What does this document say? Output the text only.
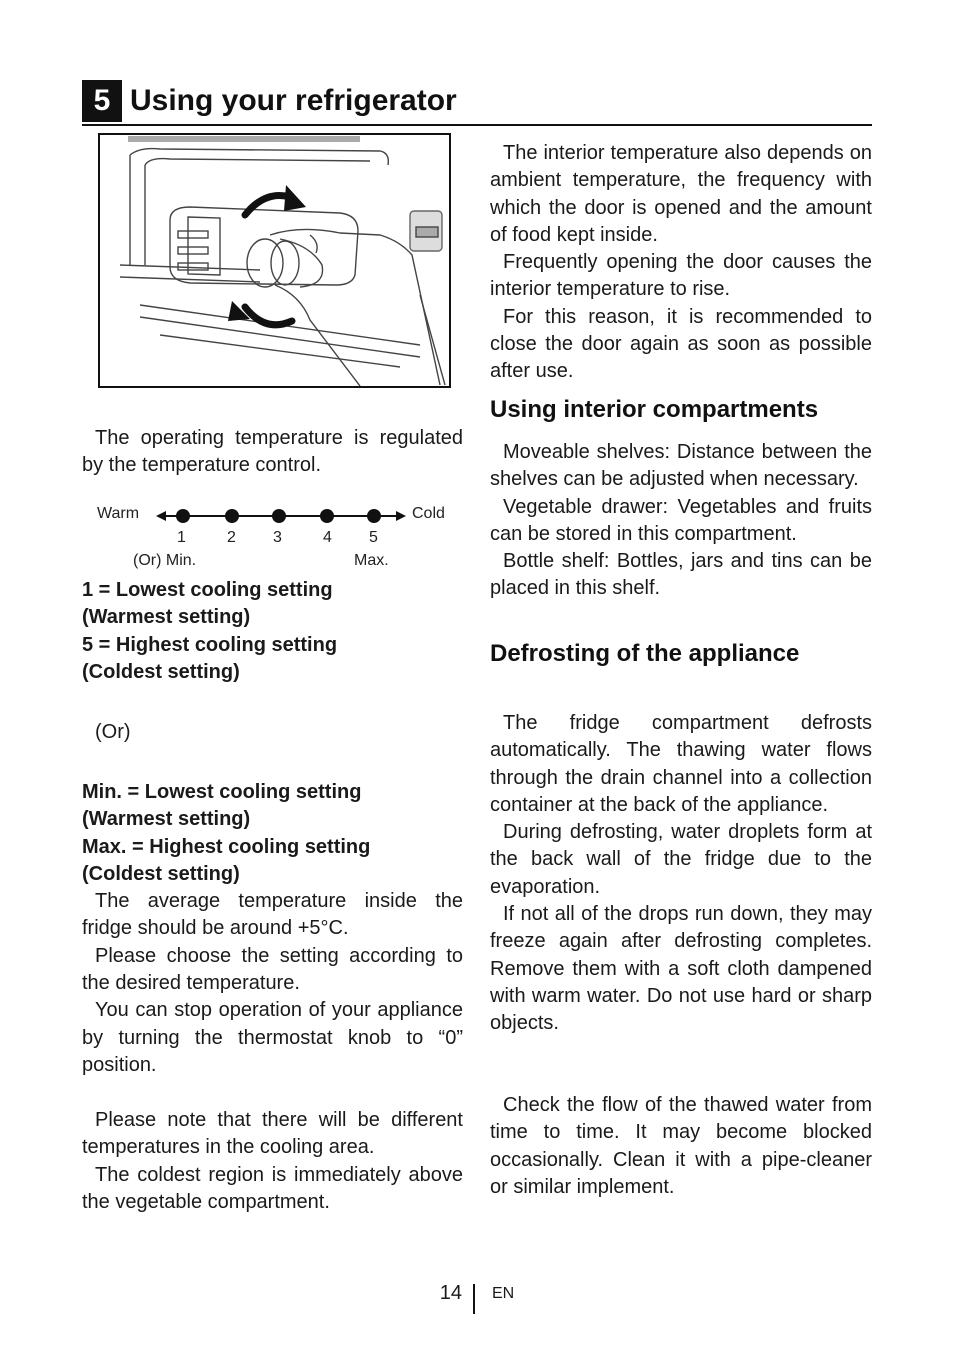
5 Using your refrigerator

The operating temperature is regulated by the temperature control.

Warm	Cold
1	2 3	4 5
(Or) Min.	Max.

1 = Lowest cooling setting

(Warmest setting)

5 = Highest cooling setting

(Coldest setting)

(Or)

Min. = Lowest cooling setting

(Warmest setting)

Max. = Highest cooling setting

(Coldest setting)

The average temperature inside the fridge should be around +5°C.

Please choose the setting according to the desired temperature.

You can stop operation of your appliance by turning the thermostat knob to “0” position.

Please note that there will be different temperatures in the cooling area.

The coldest region is immediately above the vegetable compartment.

The interior temperature also depends on ambient temperature, the frequency with which the door is opened and the amount of food kept inside.

Frequently opening the door causes the interior temperature to rise.

For this reason, it is recommended to close the door again as soon as possible after use.

Using interior compartments

Moveable shelves: Distance between the shelves can be adjusted when necessary.

Vegetable drawer: Vegetables and fruits can be stored in this compartment.

Bottle shelf: Bottles, jars and tins can be placed in this shelf.

Defrosting of the appliance

The fridge compartment defrosts automatically. The thawing water flows through the drain channel into a collection container at the back of the appliance.

During defrosting, water droplets form at the back wall of the fridge due to the evaporation.

If not all of the drops run down, they may freeze again after defrosting completes. Remove them with a soft cloth dampened with warm water. Do not use hard or sharp objects.

Check the flow of the thawed water from time to time. It may become blocked occasionally. Clean it with a pipe-cleaner or similar implement.

14 EN
